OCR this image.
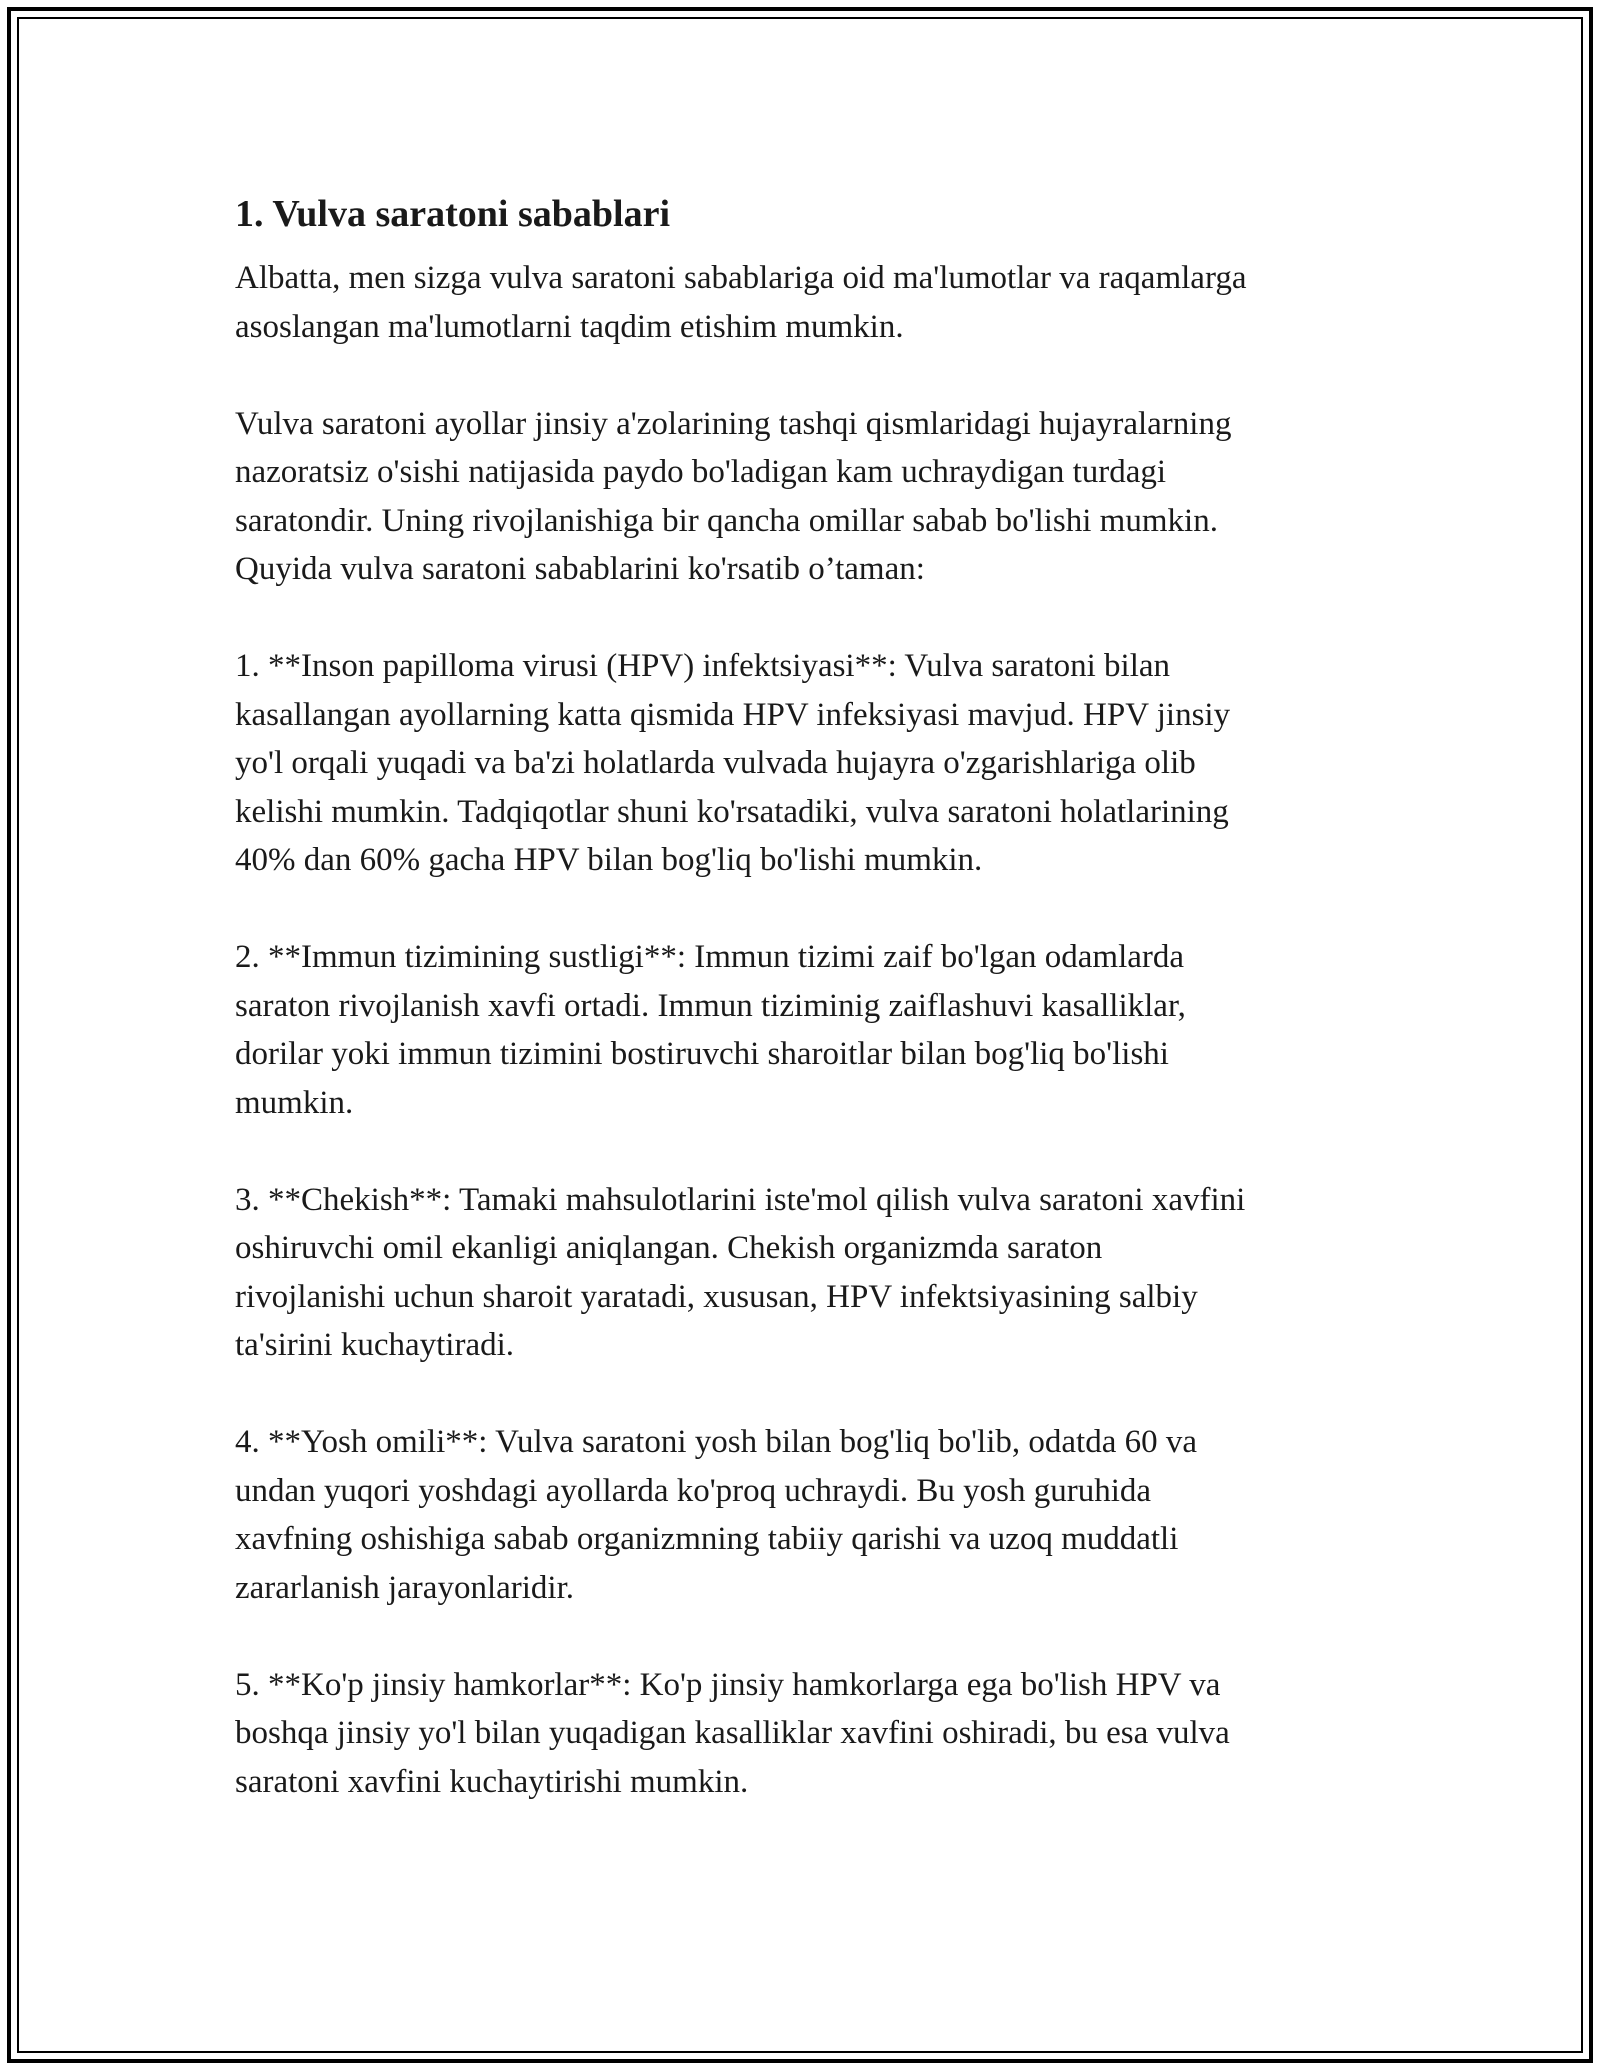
1. Vulva saratoni sabablari

Albatta, men sizga vulva saratoni sabablariga oid ma'lumotlar va raqamlarga
asoslangan ma'lumotlarni taqdim etishim mumkin.

Vulva saratoni ayollar jinsiy a'zolarining tashqi qismlaridagi hujayralarning
nazoratsiz o'sishi natijasida paydo bo'ladigan kam uchraydigan turdagi
saratondir. Uning rivojlanishiga bir qancha omillar sabab bo'lishi mumkin.
Quyida vulva saratoni sabablarini ko'rsatib o’taman:

1. **Inson papilloma virusi (HPV) infektsiyasi**: Vulva saratoni bilan
kasallangan ayollarning katta qismida HPV infeksiyasi mavjud. HPV jinsiy
yo'l orqali yuqadi va ba'zi holatlarda vulvada hujayra o'zgarishlariga olib
kelishi mumkin. Tadqiqotlar shuni ko'rsatadiki, vulva saratoni holatlarining
40% dan 60% gacha HPV bilan bog'liq bo'lishi mumkin.

2. **Immun tizimining sustligi**: Immun tizimi zaif bo'lgan odamlarda
saraton rivojlanish xavfi ortadi. Immun tiziminig zaiflashuvi kasalliklar,
dorilar yoki immun tizimini bostiruvchi sharoitlar bilan bog'liq bo'lishi
mumkin.

3. **Chekish**: Tamaki mahsulotlarini iste'mol qilish vulva saratoni xavfini
oshiruvchi omil ekanligi aniqlangan. Chekish organizmda saraton
rivojlanishi uchun sharoit yaratadi, xususan, HPV infektsiyasining salbiy
ta'sirini kuchaytiradi.

4. **Yosh omili**: Vulva saratoni yosh bilan bog'liq bo'lib, odatda 60 va
undan yuqori yoshdagi ayollarda ko'proq uchraydi. Bu yosh guruhida
xavfning oshishiga sabab organizmning tabiiy qarishi va uzoq muddatli
zararlanish jarayonlaridir.

5. **Ko'p jinsiy hamkorlar**: Ko'p jinsiy hamkorlarga ega bo'lish HPV va
boshqa jinsiy yo'l bilan yuqadigan kasalliklar xavfini oshiradi, bu esa vulva
saratoni xavfini kuchaytirishi mumkin.
